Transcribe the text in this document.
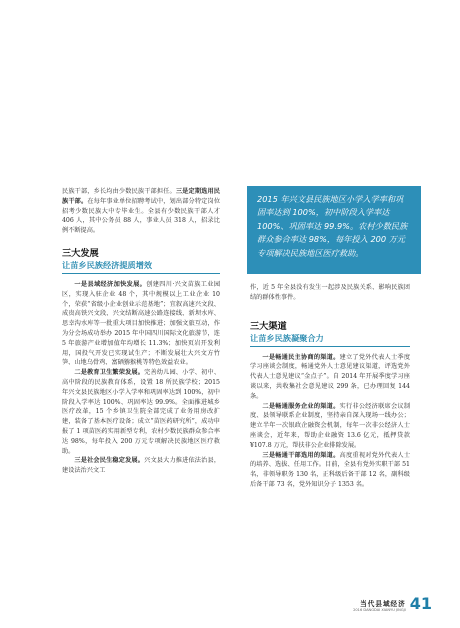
民族干部，乡长均由少数民族干部担任。三是定期选用民族干部。在每年事业单位招聘考试中，划出部分特定岗位招考少数民族大中专毕业生。全县有少数民族干部人才 406 人，其中公务员 88 人，事业人员 318 人，招录比例不断提高。

三大发展
让苗乡民族经济提质增效

一是县域经济加快发展。创建四川·兴文苗族工业园区，实现入驻企业 48 个，其中规模以上工业企业 10 个，荣获“省级小企业创业示范基地”；宜叙高速兴文段、成贵高铁兴文段、兴文结断高速公路连接线、新坝水库、思幸沟水库等一批重大项目加快推进；加强文旅互动，作为分会场成功举办 2015 年中国四川国际文化旅游节，连 5 年旅游产业增加值年均增长 11.3%；加快页岩开发利用，国投气开发已实现试生产；不断发展壮大兴文方竹笋、山地乌骨鸡、富硒猕猴桃等特色效益农业。

二是教育卫生繁荣发展。完善幼儿园、小学、初中、高中阶段的民族教育体系，设置 18 所民族学校；2015 年兴文县民族地区小学入学率和巩固率达到 100%，初中阶段入学率达 100%、巩固率达 99.9%。全面推进城乡医疗改革，15 个乡镇卫生院全部完成了业务用房改扩建，装备了基本医疗设备；成立“苗医药研究所”，成功申报了 1 项苗医药实用新型专利，农村少数民族群众参合率达 98%，每年投入 200 万元专项解决民族地区医疗救助。

三是社会民生稳定发展。兴文县大力推进依法治县，建设法治兴文工

2015 年兴文县民族地区小学入学率和巩固率达到 100%，初中阶段入学率达 100%、巩固率达 99.9%。农村少数民族群众参合率达 98%，每年投入 200 万元专项解决民族地区医疗救助。

作，近 5 年全县没有发生一起涉及民族关系、影响民族团结的群体性事件。

三大渠道
让苗乡民族凝聚合力

一是畅通民主协商的渠道。建立了党外代表人士季度学习座谈会制度，畅通党外人士意见建议渠道，评选党外代表人士意见建议“金点子”。自 2014 年开展季度学习座谈以来，共收集社会意见建议 299 条，已办理回复 144 条。

二是畅通服务企业的渠道。实行非公经济联席会议制度、县领导联系企业制度，坚持亲自深入现场一线办公；建立半年一次银政企融资会机制，每年一次非公经济人士座谈会，近年来，帮助企业融资 13.6 亿元，抵押贷款¥107.8 万元，帮扶非公企业排除发展。

三是畅通干部选用的渠道。高度重视对党外代表人士的培养、选拔、任用工作。目前，全县有党外实职干部 51 名，非领导职务 130 名，正科级后备干部 12 名，副科级后备干部 73 名，党外知识分子 1353 名。

当代县域经济
2016 DANGDAI XIANYU JINGJI 41
